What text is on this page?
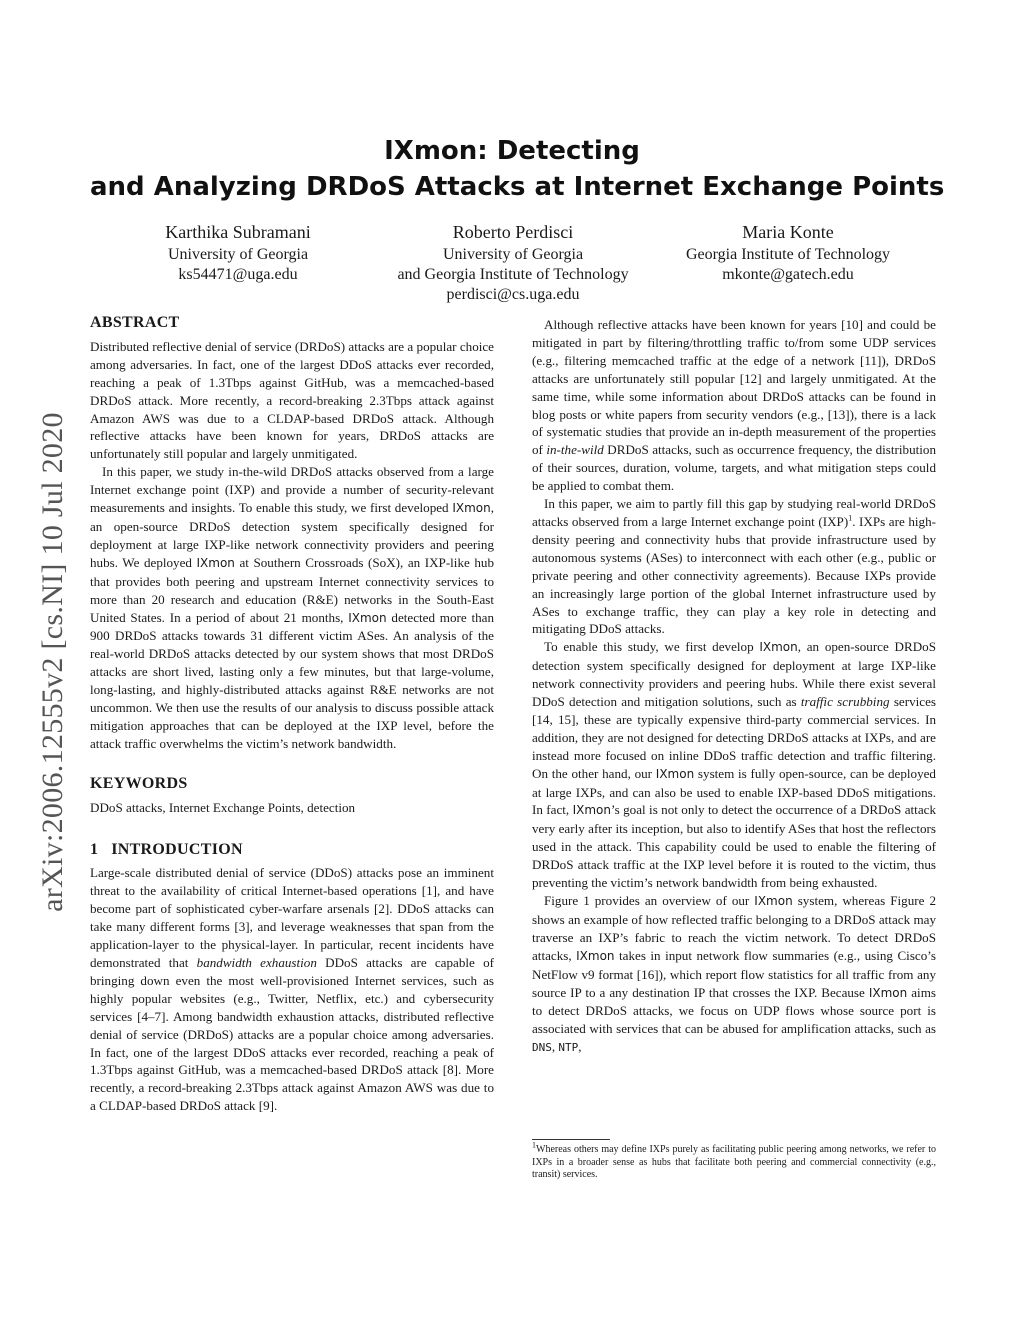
arXiv:2006.12555v2 [cs.NI] 10 Jul 2020
IXmon: Detecting
and Analyzing DRDoS Attacks at Internet Exchange Points
Karthika Subramani
University of Georgia
ks54471@uga.edu
Roberto Perdisci
University of Georgia
and Georgia Institute of Technology
perdisci@cs.uga.edu
Maria Konte
Georgia Institute of Technology
mkonte@gatech.edu
ABSTRACT

Distributed reflective denial of service (DRDoS) attacks are a popular choice among adversaries. In fact, one of the largest DDoS attacks ever recorded, reaching a peak of 1.3Tbps against GitHub, was a memcached-based DRDoS attack. More recently, a record-breaking 2.3Tbps attack against Amazon AWS was due to a CLDAP-based DRDoS attack. Although reflective attacks have been known for years, DRDoS attacks are unfortunately still popular and largely unmitigated.

In this paper, we study in-the-wild DRDoS attacks observed from a large Internet exchange point (IXP) and provide a number of security-relevant measurements and insights. To enable this study, we first developed IXmon, an open-source DRDoS detection system specifically designed for deployment at large IXP-like network connectivity providers and peering hubs. We deployed IXmon at Southern Crossroads (SoX), an IXP-like hub that provides both peering and upstream Internet connectivity services to more than 20 research and education (R&E) networks in the South-East United States. In a period of about 21 months, IXmon detected more than 900 DRDoS attacks towards 31 different victim ASes. An analysis of the real-world DRDoS attacks detected by our system shows that most DRDoS attacks are short lived, lasting only a few minutes, but that large-volume, long-lasting, and highly-distributed attacks against R&E networks are not uncommon. We then use the results of our analysis to discuss possible attack mitigation approaches that can be deployed at the IXP level, before the attack traffic overwhelms the victim’s network bandwidth.

KEYWORDS

DDoS attacks, Internet Exchange Points, detection

1   INTRODUCTION

Large-scale distributed denial of service (DDoS) attacks pose an imminent threat to the availability of critical Internet-based operations [1], and have become part of sophisticated cyber-warfare arsenals [2]. DDoS attacks can take many different forms [3], and leverage weaknesses that span from the application-layer to the physical-layer. In particular, recent incidents have demonstrated that bandwidth exhaustion DDoS attacks are capable of bringing down even the most well-provisioned Internet services, such as highly popular websites (e.g., Twitter, Netflix, etc.) and cybersecurity services [4–7]. Among bandwidth exhaustion attacks, distributed reflective denial of service (DRDoS) attacks are a popular choice among adversaries. In fact, one of the largest DDoS attacks ever recorded, reaching a peak of 1.3Tbps against GitHub, was a memcached-based DRDoS attack [8]. More recently, a record-breaking 2.3Tbps attack against Amazon AWS was due to a CLDAP-based DRDoS attack [9].

Although reflective attacks have been known for years [10] and could be mitigated in part by filtering/throttling traffic to/from some UDP services (e.g., filtering memcached traffic at the edge of a network [11]), DRDoS attacks are unfortunately still popular [12] and largely unmitigated. At the same time, while some information about DRDoS attacks can be found in blog posts or white papers from security vendors (e.g., [13]), there is a lack of systematic studies that provide an in-depth measurement of the properties of in-the-wild DRDoS attacks, such as occurrence frequency, the distribution of their sources, duration, volume, targets, and what mitigation steps could be applied to combat them.

In this paper, we aim to partly fill this gap by studying real-world DRDoS attacks observed from a large Internet exchange point (IXP)$^1$. IXPs are high-density peering and connectivity hubs that provide infrastructure used by autonomous systems (ASes) to interconnect with each other (e.g., public or private peering and other connectivity agreements). Because IXPs provide an increasingly large portion of the global Internet infrastructure used by ASes to exchange traffic, they can play a key role in detecting and mitigating DDoS attacks.

To enable this study, we first develop IXmon, an open-source DRDoS detection system specifically designed for deployment at large IXP-like network connectivity providers and peering hubs. While there exist several DDoS detection and mitigation solutions, such as traffic scrubbing services [14, 15], these are typically expensive third-party commercial services. In addition, they are not designed for detecting DRDoS attacks at IXPs, and are instead more focused on inline DDoS traffic detection and traffic filtering. On the other hand, our IXmon system is fully open-source, can be deployed at large IXPs, and can also be used to enable IXP-based DDoS mitigations. In fact, IXmon’s goal is not only to detect the occurrence of a DRDoS attack very early after its inception, but also to identify ASes that host the reflectors used in the attack. This capability could be used to enable the filtering of DRDoS attack traffic at the IXP level before it is routed to the victim, thus preventing the victim’s network bandwidth from being exhausted.

Figure 1 provides an overview of our IXmon system, whereas Figure 2 shows an example of how reflected traffic belonging to a DRDoS attack may traverse an IXP’s fabric to reach the victim network. To detect DRDoS attacks, IXmon takes in input network flow summaries (e.g., using Cisco’s NetFlow v9 format [16]), which report flow statistics for all traffic from any source IP to a any destination IP that crosses the IXP. Because IXmon aims to detect DRDoS attacks, we focus on UDP flows whose source port is associated with services that can be abused for amplification attacks, such as DNS, NTP,

$^1$Whereas others may define IXPs purely as facilitating public peering among networks, we refer to IXPs in a broader sense as hubs that facilitate both peering and commercial connectivity (e.g., transit) services.
